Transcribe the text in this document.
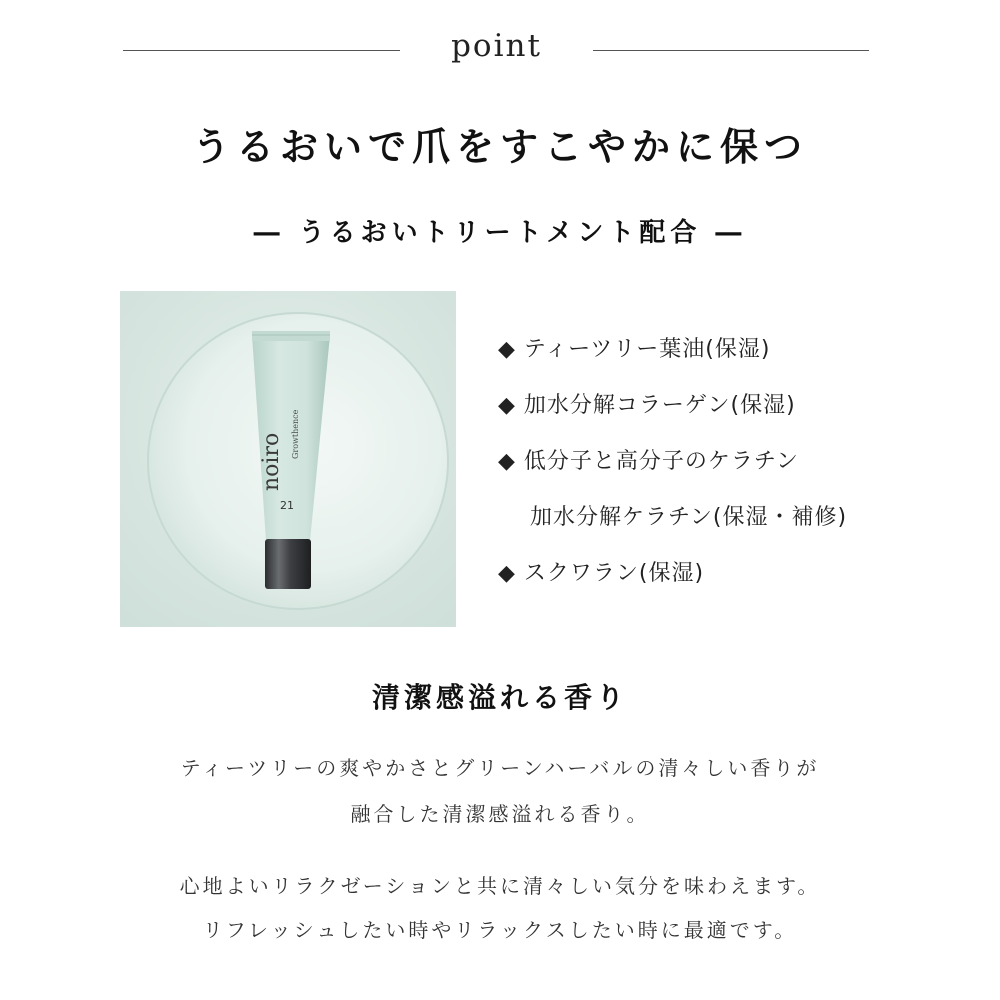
point
うるおいで爪をすこやかに保つ
― うるおいトリートメント配合 ―
noiro Growthence
21
◆ ティーツリー葉油(保湿)
◆ 加水分解コラーゲン(保湿)
◆ 低分子と高分子のケラチン
加水分解ケラチン(保湿・補修)
◆ スクワラン(保湿)
清潔感溢れる香り
ティーツリーの爽やかさとグリーンハーバルの清々しい香りが
融合した清潔感溢れる香り。
心地よいリラクゼーションと共に清々しい気分を味わえます。
リフレッシュしたい時やリラックスしたい時に最適です。
